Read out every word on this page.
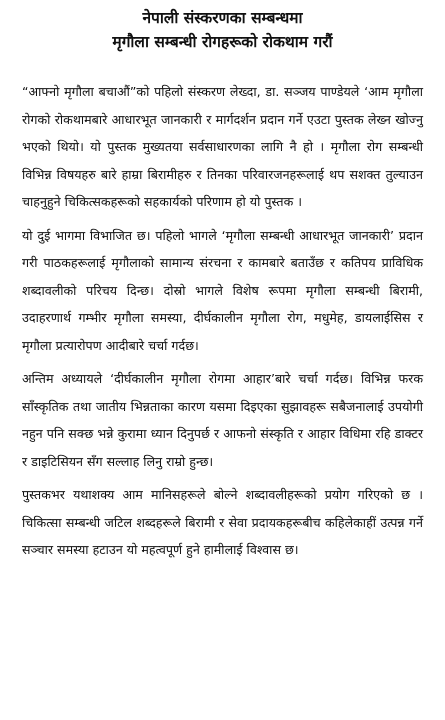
नेपाली संस्करणका सम्बन्धमा
मृगौला सम्बन्धी रोगहरूको रोकथाम गरौं

“आफ्नो मृगौला बचाऔं”को पहिलो संस्करण लेख्दा, डा. सञ्जय पाण्डेयले ‘आम मृगौला रोगको रोकथामबारे आधारभूत जानकारी र मार्गदर्शन प्रदान गर्ने एउटा पुस्तक लेख्न खोज्नु भएको थियो। यो पुस्तक मुख्यतया सर्वसाधारणका लागि नै हो । मृगौला रोग सम्बन्धी विभिन्न विषयहरु बारे हाम्रा बिरामीहरु र तिनका परिवारजनहरूलाई थप सशक्त तुल्याउन चाहनुहुने चिकित्सकहरूको सहकार्यको परिणाम हो यो पुस्तक ।

यो दुई भागमा विभाजित छ। पहिलो भागले ‘मृगौला सम्बन्धी आधारभूत जानकारी’ प्रदान गरी पाठकहरूलाई मृगौलाको सामान्य संरचना र कामबारे बताउँछ र कतिपय प्राविधिक शब्दावलीको परिचय दिन्छ। दोस्रो भागले विशेष रूपमा मृगौला सम्बन्धी बिरामी, उदाहरणार्थ गम्भीर मृगौला समस्या, दीर्घकालीन मृगौला रोग, मधुमेह, डायलाईसिस र मृगौला प्रत्यारोपण आदीबारे चर्चा गर्दछ।

अन्तिम अध्यायले ‘दीर्घकालीन मृगौला रोगमा आहार’बारे चर्चा गर्दछ। विभिन्न फरक साँस्कृतिक तथा जातीय भिन्नताका कारण यसमा दिइएका सुझावहरू सबैजनालाई उपयोगी नहुन पनि सक्छ भन्ने कुरामा ध्यान दिनुपर्छ र आफनो संस्कृति र आहार विधिमा रहि डाक्टर र डाइटिसियन सँग सल्लाह लिनु राम्रो हुन्छ।

पुस्तकभर यथाशक्य आम मानिसहरूले बोल्ने शब्दावलीहरूको प्रयोग गरिएको छ । चिकित्सा सम्बन्धी जटिल शब्दहरूले बिरामी र सेवा प्रदायकहरूबीच कहिलेकाहीं उत्पन्न गर्ने सञ्चार समस्या हटाउन यो महत्वपूर्ण हुने हामीलाई विश्वास छ।
